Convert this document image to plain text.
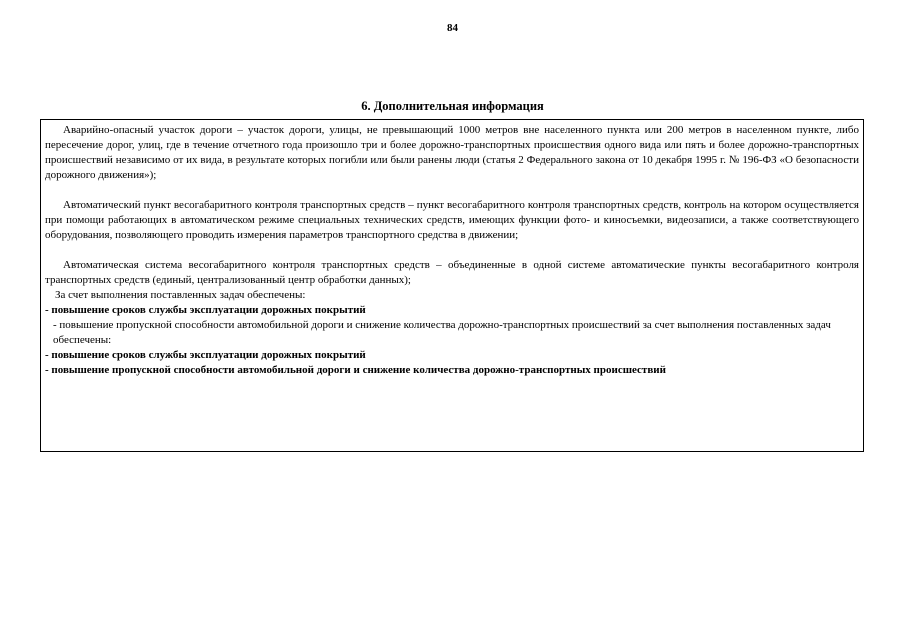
84
6. Дополнительная информация

Аварийно-опасный участок дороги – участок дороги, улицы, не превышающий 1000 метров вне населенного пункта или 200 метров в населенном пункте, либо пересечение дорог, улиц, где в течение отчетного года произошло три и более дорожно-транспортных происшествия одного вида или пять и более дорожно-транспортных происшествий независимо от их вида, в результате которых погибли или были ранены люди (статья 2 Федерального закона от 10 декабря 1995 г. № 196-ФЗ «О безопасности дорожного движения»);

Автоматический пункт весогабаритного контроля транспортных средств – пункт весогабаритного контроля транспортных средств, контроль на котором осуществляется при помощи работающих в автоматическом режиме специальных технических средств, имеющих функции фото- и киносъемки, видеозаписи, а также соответствующего оборудования, позволяющего проводить измерения параметров транспортного средства в движении;

Автоматическая система весогабаритного контроля транспортных средств – объединенные в одной системе автоматические пункты весогабаритного контроля транспортных средств (единый, централизованный центр обработки данных);

За счет выполнения поставленных задач обеспечены:

- повышение сроков службы эксплуатации дорожных покрытий

- повышение пропускной способности автомобильной дороги и снижение количества дорожно-транспортных происшествий за счет выполнения поставленных задач обеспечены:

- повышение сроков службы эксплуатации дорожных покрытий

- повышение пропускной способности автомобильной дороги и снижение количества дорожно-транспортных происшествий
